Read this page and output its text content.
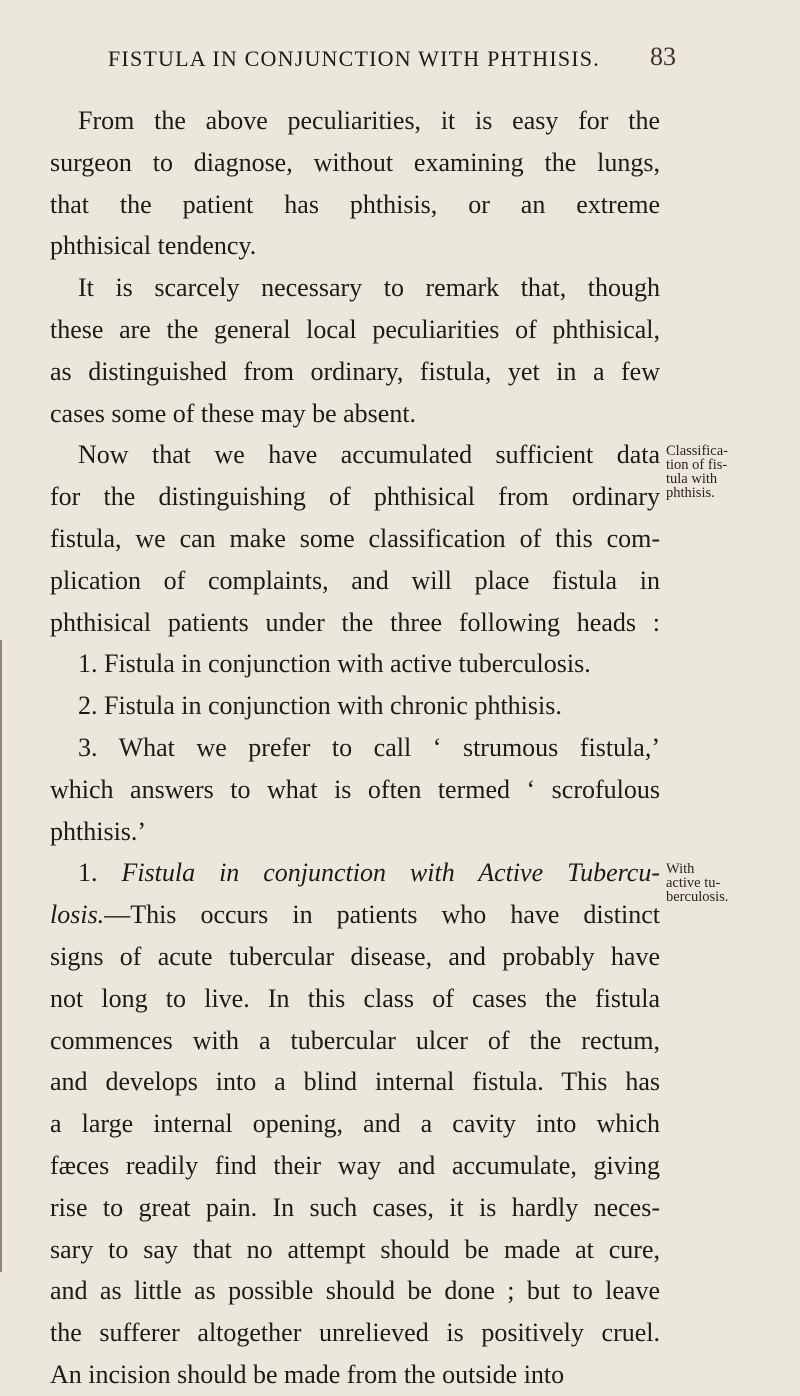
FISTULA IN CONJUNCTION WITH PHTHISIS. 83
From the above peculiarities, it is easy for the
surgeon to diagnose, without examining the lungs,
that the patient has phthisis, or an extreme
phthisical tendency.
It is scarcely necessary to remark that, though
these are the general local peculiarities of phthisical,
as distinguished from ordinary, fistula, yet in a few
cases some of these may be absent.
Now that we have accumulated sufficient data
for the distinguishing of phthisical from ordinary
fistula, we can make some classification of this com-
plication of complaints, and will place fistula in
phthisical patients under the three following heads :
1. Fistula in conjunction with active tuberculosis.
2. Fistula in conjunction with chronic phthisis.
3. What we prefer to call ‘ strumous fistula,’
which answers to what is often termed ‘ scrofulous
phthisis.’
1. Fistula in conjunction with Active Tubercu-
losis.—This occurs in patients who have distinct
signs of acute tubercular disease, and probably have
not long to live. In this class of cases the fistula
commences with a tubercular ulcer of the rectum,
and develops into a blind internal fistula. This has
a large internal opening, and a cavity into which
fæces readily find their way and accumulate, giving
rise to great pain. In such cases, it is hardly neces-
sary to say that no attempt should be made at cure,
and as little as possible should be done ; but to leave
the sufferer altogether unrelieved is positively cruel.
An incision should be made from the outside into
Classifica-
tion of fis-
tula with
phthisis.
With
active tu-
berculosis.
